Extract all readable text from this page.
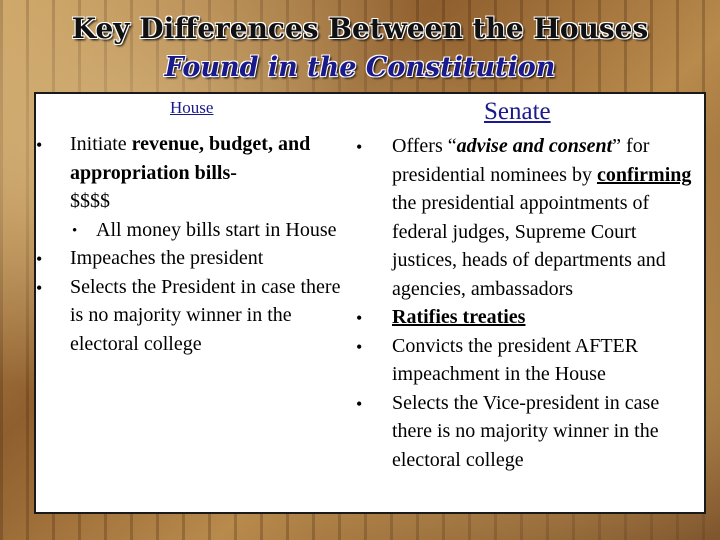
Key Differences Between the Houses
Found in the Constitution
House	Senate
• Initiate revenue, budget, and appropriation bills-
$$$$
• All money bills start in House
• Impeaches the president
• Selects the President in case there is no majority winner in the electoral college
• Offers “advise and consent” for presidential nominees by confirming the presidential appointments of federal judges, Supreme Court justices, heads of departments and agencies, ambassadors
• Ratifies treaties
• Convicts the president AFTER impeachment in the House
• Selects the Vice-president in case there is no majority winner in the electoral college
